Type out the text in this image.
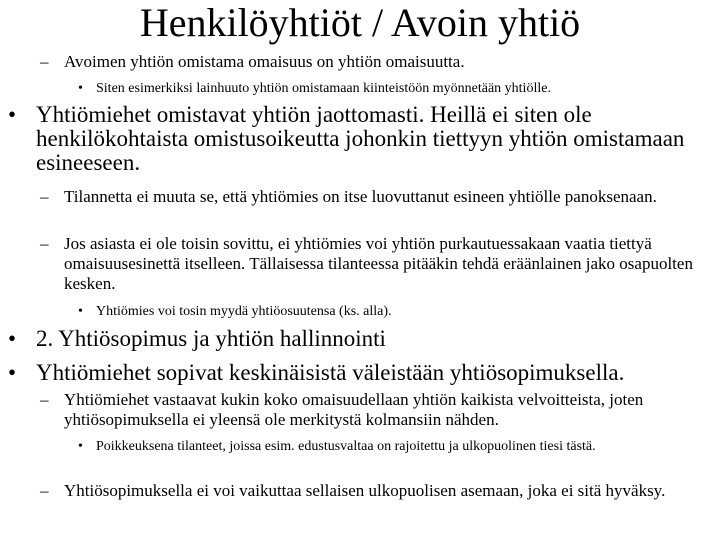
Henkilöyhtiöt / Avoin yhtiö
– Avoimen yhtiön omistama omaisuus on yhtiön omaisuutta.
• Siten esimerkiksi lainhuuto yhtiön omistamaan kiinteistöön myönnetään yhtiölle.
• Yhtiömiehet omistavat yhtiön jaottomasti. Heillä ei siten ole henkilökohtaista omistusoikeutta johonkin tiettyyn yhtiön omistamaan esineeseen.
– Tilannetta ei muuta se, että yhtiömies on itse luovuttanut esineen yhtiölle panoksenaan.
– Jos asiasta ei ole toisin sovittu, ei yhtiömies voi yhtiön purkautuessakaan vaatia tiettyä omaisuusesinettä itselleen. Tällaisessa tilanteessa pitääkin tehdä eräänlainen jako osapuolten kesken.
• Yhtiömies voi tosin myydä yhtiöosuutensa (ks. alla).
• 2. Yhtiösopimus ja yhtiön hallinnointi
• Yhtiömiehet sopivat keskinäisistä väleistään yhtiösopimuksella.
– Yhtiömiehet vastaavat kukin koko omaisuudellaan yhtiön kaikista velvoitteista, joten yhtiösopimuksella ei yleensä ole merkitystä kolmansiin nähden.
• Poikkeuksena tilanteet, joissa esim. edustusvaltaa on rajoitettu ja ulkopuolinen tiesi tästä.
– Yhtiösopimuksella ei voi vaikuttaa sellaisen ulkopuolisen asemaan, joka ei sitä hyväksy.
